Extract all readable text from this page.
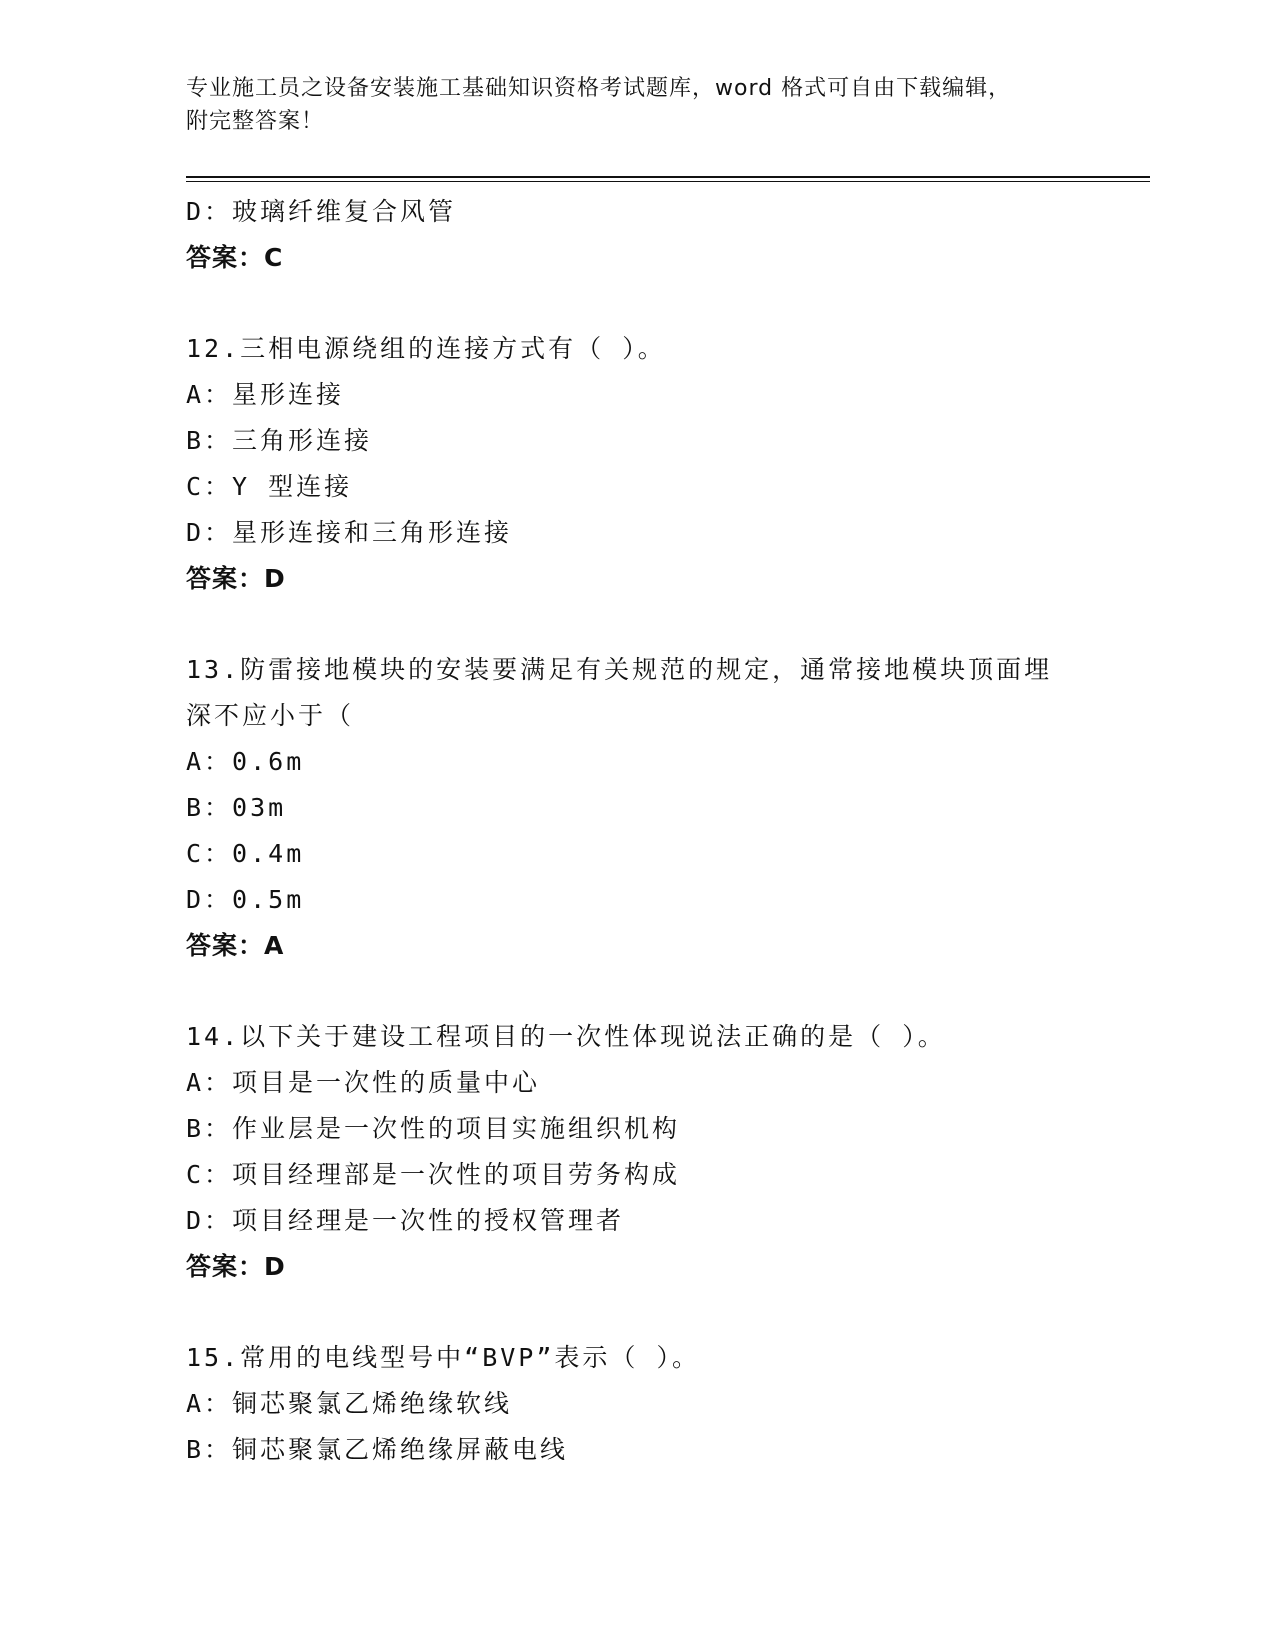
专业施工员之设备安装施工基础知识资格考试题库，word 格式可自由下载编辑，
附完整答案！
D：玻璃纤维复合风管
答案：C
12.三相电源绕组的连接方式有（ ）。
A：星形连接
B：三角形连接
C：Y 型连接
D：星形连接和三角形连接
答案：D
13.防雷接地模块的安装要满足有关规范的规定，通常接地模块顶面埋
深不应小于（
A：0.6m
B：03m
C：0.4m
D：0.5m
答案：A
14.以下关于建设工程项目的一次性体现说法正确的是（ ）。
A：项目是一次性的质量中心
B：作业层是一次性的项目实施组织机构
C：项目经理部是一次性的项目劳务构成
D：项目经理是一次性的授权管理者
答案：D
15.常用的电线型号中“BVP”表示（ ）。
A：铜芯聚氯乙烯绝缘软线
B：铜芯聚氯乙烯绝缘屏蔽电线
